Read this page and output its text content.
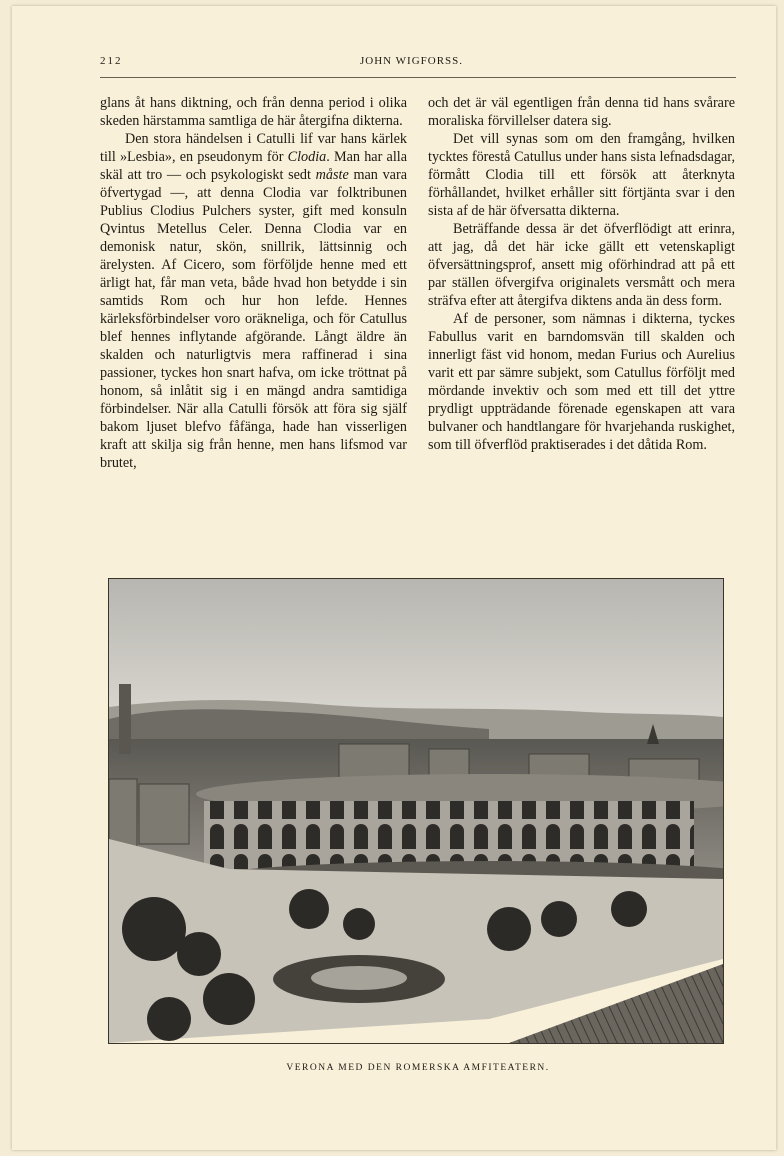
212	JOHN WIGFORSS.

glans åt hans diktning, och från denna period i olika skeden härstamma samtliga de här återgifna dikterna.

Den stora händelsen i Catulli lif var hans kärlek till »Lesbia», en pseudonym för Clodia. Man har alla skäl att tro — och psykologiskt sedt måste man vara öfvertygad —, att denna Clodia var folktribunen Publius Clodius Pulchers syster, gift med konsuln Qvintus Metellus Celer. Denna Clodia var en demonisk natur, skön, snillrik, lättsinnig och ärelysten. Af Cicero, som förföljde henne med ett ärligt hat, får man veta, både hvad hon betydde i sin samtids Rom och hur hon lefde. Hennes kärleksförbindelser voro oräkneliga, och för Catullus blef hennes inflytande afgörande. Långt äldre än skalden och naturligtvis mera raffinerad i sina passioner, tyckes hon snart hafva, om icke tröttnat på honom, så inlåtit sig i en mängd andra samtidiga förbindelser. När alla Catulli försök att föra sig själf bakom ljuset blefvo fåfänga, hade han visserligen kraft att skilja sig från henne, men hans lifsmod var brutet,

och det är väl egentligen från denna tid hans svårare moraliska förvillelser datera sig.

Det vill synas som om den framgång, hvilken tycktes förestå Catullus under hans sista lefnadsdagar, förmått Clodia till ett försök att återknyta förhållandet, hvilket erhåller sitt förtjänta svar i den sista af de här öfversatta dikterna.

Beträffande dessa är det öfverflödigt att erinra, att jag, då det här icke gällt ett vetenskapligt öfversättningsprof, ansett mig oförhindrad att på ett par ställen öfvergifva originalets versmått och mera sträfva efter att återgifva diktens anda än dess form.

Af de personer, som nämnas i dikterna, tyckes Fabullus varit en barndomsvän till skalden och innerligt fäst vid honom, medan Furius och Aurelius varit ett par sämre subjekt, som Catullus förföljt med mördande invektiv och som med ett till det yttre prydligt uppträdande förenade egenskapen att vara bulvaner och handtlangare för hvarjehanda ruskighet, som till öfverflöd praktiserades i det dåtida Rom.

VERONA MED DEN ROMERSKA AMFITEATERN.
